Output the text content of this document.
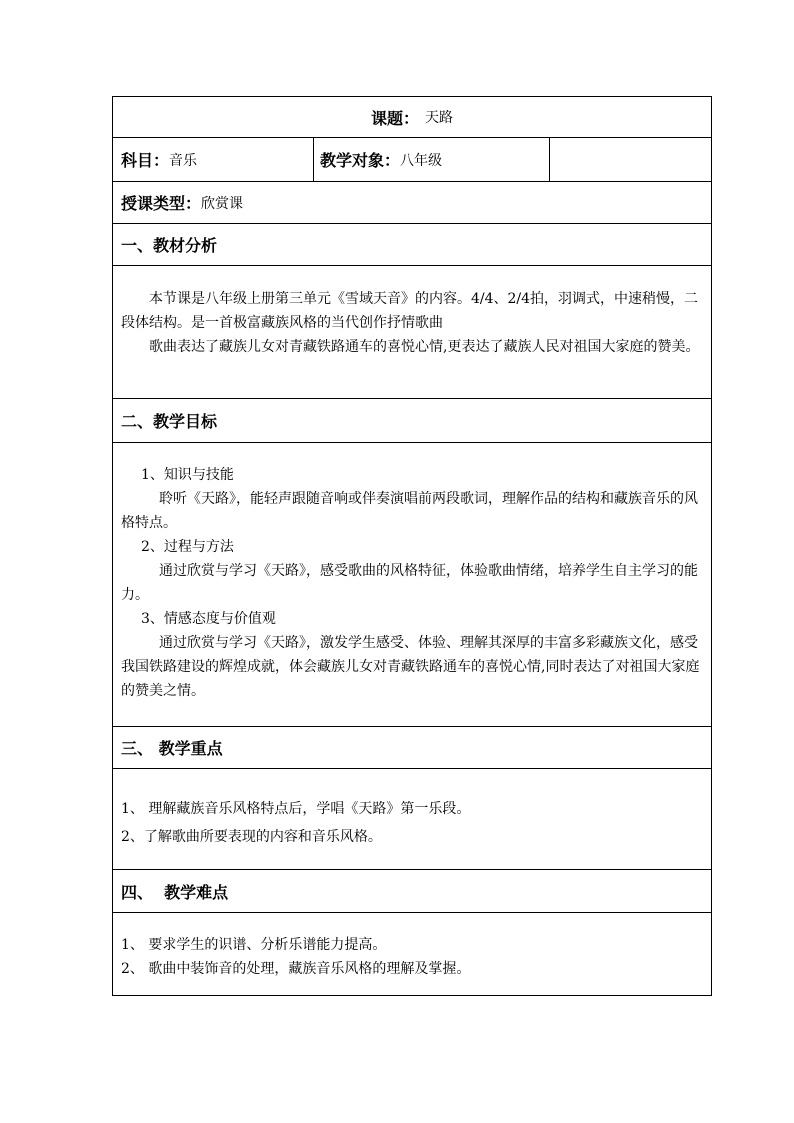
课题： 天路
科目： 音乐	教学对象： 八年级
授课类型： 欣赏课
一、教材分析

本节课是八年级上册第三单元《雪域天音》的内容。4/4、2/4拍，羽调式，中速稍慢，二段体结构。是一首极富藏族风格的当代创作抒情歌曲

歌曲表达了藏族儿女对青藏铁路通车的喜悦心情,更表达了藏族人民对祖国大家庭的赞美。

二、教学目标

1、知识与技能

聆听《天路》，能轻声跟随音响或伴奏演唱前两段歌词，理解作品的结构和藏族音乐的风格特点。

2、过程与方法

通过欣赏与学习《天路》，感受歌曲的风格特征，体验歌曲情绪，培养学生自主学习的能力。

3、情感态度与价值观

通过欣赏与学习《天路》，激发学生感受、体验、理解其深厚的丰富多彩藏族文化，感受我国铁路建设的辉煌成就，体会藏族儿女对青藏铁路通车的喜悦心情,同时表达了对祖国大家庭的赞美之情。

三、 教学重点

1、 理解藏族音乐风格特点后，学唱《天路》第一乐段。

2、了解歌曲所要表现的内容和音乐风格。

四、  教学难点

1、 要求学生的识谱、分析乐谱能力提高。

2、 歌曲中装饰音的处理，藏族音乐风格的理解及掌握。
